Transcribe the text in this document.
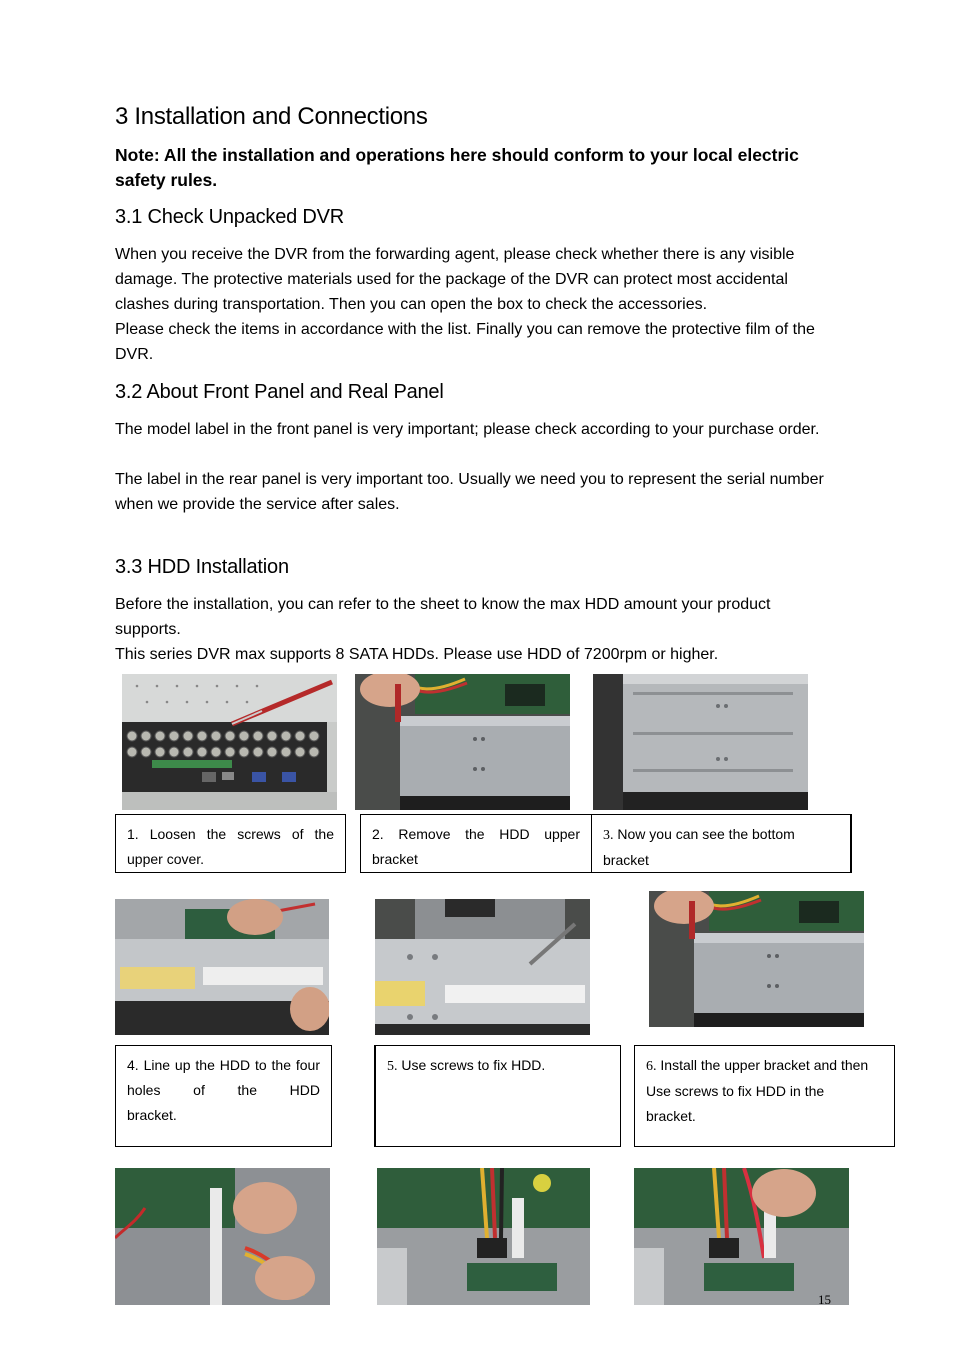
3 Installation and Connections
Note: All the installation and operations here should conform to your local electric safety rules.
3.1 Check Unpacked DVR
When you receive the DVR from the forwarding agent, please check whether there is any visible damage. The protective materials used for the package of the DVR can protect most accidental clashes during transportation. Then you can open the box to check the accessories.
Please check the items in accordance with the list. Finally you can remove the protective film of the DVR.
3.2 About Front Panel and Real Panel
The model label in the front panel is very important; please check according to your purchase order.
The label in the rear panel is very important too. Usually we need you to represent the serial number when we provide the service after sales.
3.3 HDD Installation
Before the installation, you can refer to the sheet to know the max HDD amount your product supports.
This series DVR max supports 8 SATA HDDs. Please use HDD of 7200rpm or higher.
1. Loosen the screws of the
upper cover.
2. Remove the HDD upper
bracket
3. Now you can see the bottom
bracket
4. Line up the HDD to the four holes of the HDD
bracket.
5. Use screws to fix HDD.	6. Install the upper bracket and then Use screws to fix HDD in the
bracket.
15
